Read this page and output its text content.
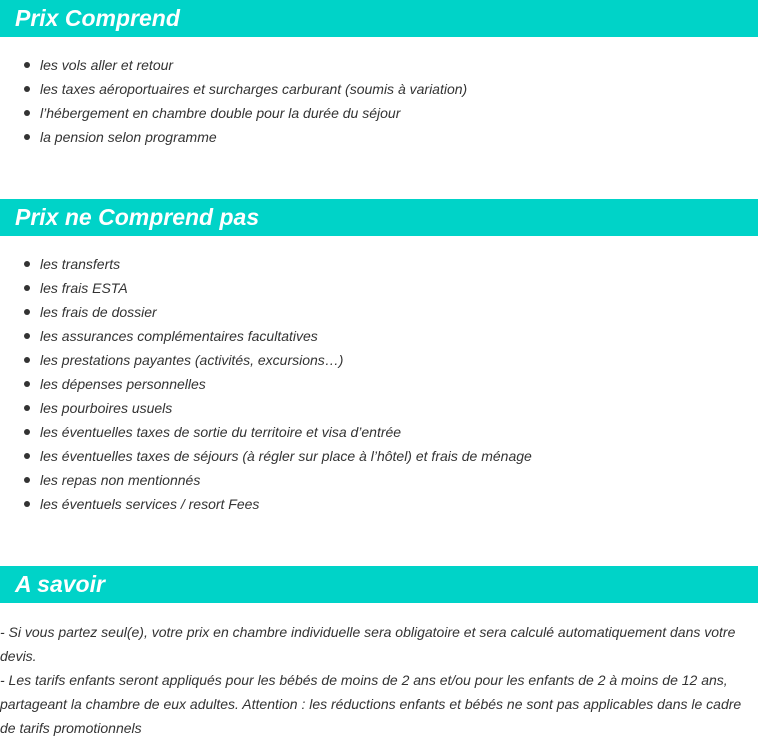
Prix Comprend
les vols aller et retour
les taxes aéroportuaires et surcharges carburant (soumis à variation)
l’hébergement en chambre double pour la durée du séjour
la pension selon programme
Prix ne Comprend pas
les transferts
les frais ESTA
les frais de dossier
les assurances complémentaires facultatives
les prestations payantes (activités, excursions…)
les dépenses personnelles
les pourboires usuels
les éventuelles taxes de sortie du territoire et visa d’entrée
les éventuelles taxes de séjours (à régler sur place à l’hôtel) et frais de ménage
les repas non mentionnés
les éventuels services / resort Fees
A savoir

- Si vous partez seul(e), votre prix en chambre individuelle sera obligatoire et sera calculé automatiquement dans votre devis.

- Les tarifs enfants seront appliqués pour les bébés de moins de 2 ans et/ou pour les enfants de 2 à moins de 12 ans, partageant la chambre de eux adultes. Attention : les réductions enfants et bébés ne sont pas applicables dans le cadre de tarifs promotionnels
